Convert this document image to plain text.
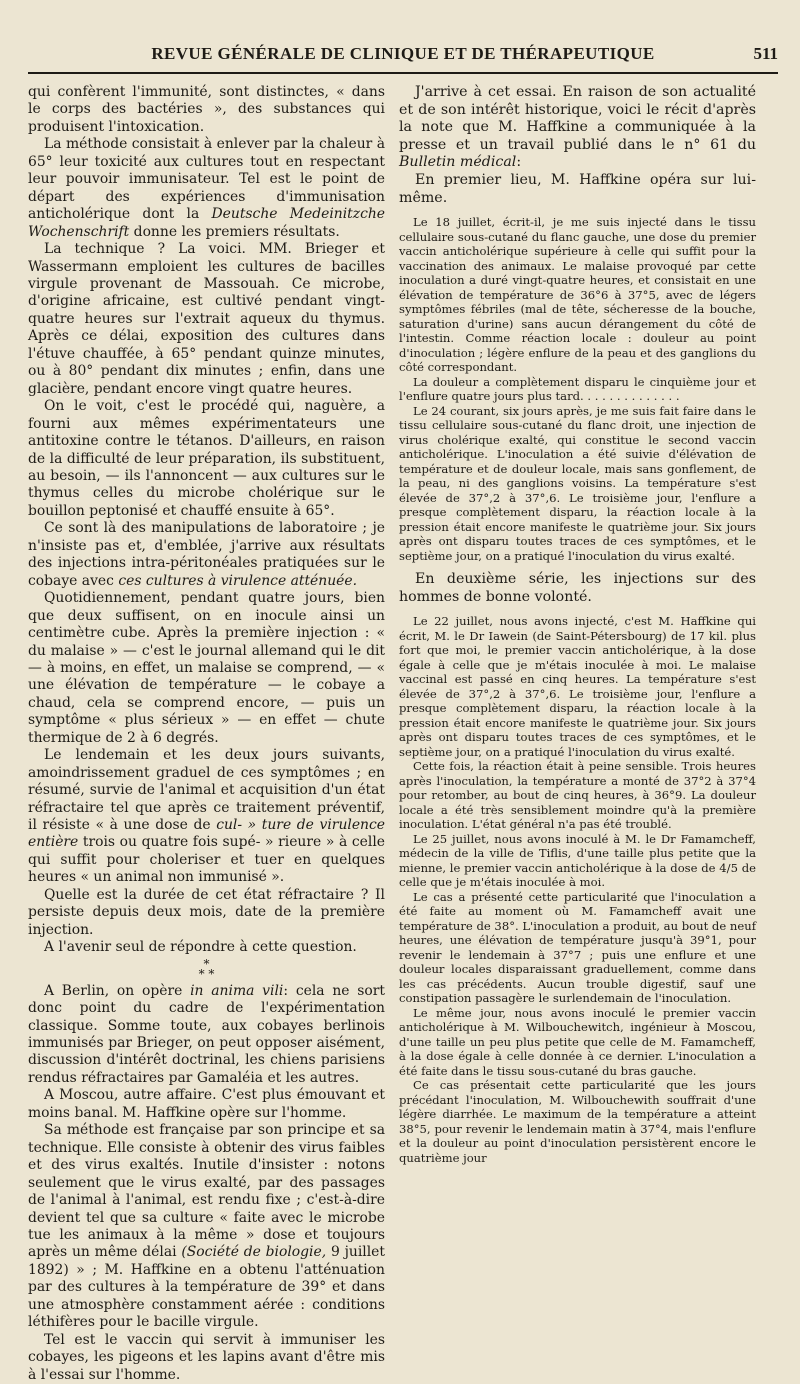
REVUE GÉNÉRALE DE CLINIQUE ET DE THÉRAPEUTIQUE	511

qui confèrent l'immunité, sont distinctes, « dans le corps des bactéries », des substances qui produisent l'intoxication.

La méthode consistait à enlever par la chaleur à 65° leur toxicité aux cultures tout en respectant leur pouvoir immunisateur. Tel est le point de départ des expériences d'immunisation anticholérique dont la Deutsche Medeinitzche Wochenschrift donne les premiers résultats.

La technique ? La voici. MM. Brieger et Wassermann emploient les cultures de bacilles virgule provenant de Massouah. Ce microbe, d'origine africaine, est cultivé pendant vingt-quatre heures sur l'extrait aqueux du thymus. Après ce délai, exposition des cultures dans l'étuve chauffée, à 65° pendant quinze minutes, ou à 80° pendant dix minutes ; enfin, dans une glacière, pendant encore vingt quatre heures.

On le voit, c'est le procédé qui, naguère, a fourni aux mêmes expérimentateurs une antitoxine contre le tétanos. D'ailleurs, en raison de la difficulté de leur préparation, ils substituent, au besoin, — ils l'annoncent — aux cultures sur le thymus celles du microbe cholérique sur le bouillon peptonisé et chauffé ensuite à 65°.

Ce sont là des manipulations de laboratoire ; je n'insiste pas et, d'emblée, j'arrive aux résultats des injections intra-péritonéales pratiquées sur le cobaye avec ces cultures à virulence atténuée.

Quotidiennement, pendant quatre jours, bien que deux suffisent, on en inocule ainsi un centimètre cube. Après la première injection : « du malaise » — c'est le journal allemand qui le dit — à moins, en effet, un malaise se comprend, — « une élévation de température — le cobaye a chaud, cela se comprend encore, — puis un symptôme « plus sérieux » — en effet — chute thermique de 2 à 6 degrés.

Le lendemain et les deux jours suivants, amoindrissement graduel de ces symptômes ; en résumé, survie de l'animal et acquisition d'un état réfractaire tel que après ce traitement préventif, il résiste « à une dose de cul- » ture de virulence entière trois ou quatre fois supé- » rieure » à celle qui suffit pour choleriser et tuer en quelques heures « un animal non immunisé ».

Quelle est la durée de cet état réfractaire ? Il persiste depuis deux mois, date de la première injection.

A l'avenir seul de répondre à cette question.

*
* *

A Berlin, on opère in anima vili: cela ne sort donc point du cadre de l'expérimentation classique. Somme toute, aux cobayes berlinois immunisés par Brieger, on peut opposer aisément, discussion d'intérêt doctrinal, les chiens parisiens rendus réfractaires par Gamaléia et les autres.

A Moscou, autre affaire. C'est plus émouvant et moins banal. M. Haffkine opère sur l'homme.

Sa méthode est française par son principe et sa technique. Elle consiste à obtenir des virus faibles et des virus exaltés. Inutile d'insister : notons seulement que le virus exalté, par des passages de l'animal à l'animal, est rendu fixe ; c'est-à-dire devient tel que sa culture « faite avec le microbe tue les animaux à la même » dose et toujours après un même délai (Société de biologie, 9 juillet 1892) » ; M. Haffkine en a obtenu l'atténuation par des cultures à la température de 39° et dans une atmosphère constamment aérée : conditions léthifères pour le bacille virgule.

Tel est le vaccin qui servit à immuniser les cobayes, les pigeons et les lapins avant d'être mis à l'essai sur l'homme.

J'arrive à cet essai. En raison de son actualité et de son intérêt historique, voici le récit d'après la note que M. Haffkine a communiquée à la presse et un travail publié dans le n° 61 du Bulletin médical:

En premier lieu, M. Haffkine opéra sur lui-même.

Le 18 juillet, écrit-il, je me suis injecté dans le tissu cellulaire sous-cutané du flanc gauche, une dose du premier vaccin anticholérique supérieure à celle qui suffit pour la vaccination des animaux. Le malaise provoqué par cette inoculation a duré vingt-quatre heures, et consistait en une élévation de température de 36°6 à 37°5, avec de légers symptômes fébriles (mal de tête, sécheresse de la bouche, saturation d'urine) sans aucun dérangement du côté de l'intestin. Comme réaction locale : douleur au point d'inoculation ; légère enflure de la peau et des ganglions du côté correspondant.

La douleur a complètement disparu le cinquième jour et l'enflure quatre jours plus tard. . . . . . . . . . . . . .

Le 24 courant, six jours après, je me suis fait faire dans le tissu cellulaire sous-cutané du flanc droit, une injection de virus cholérique exalté, qui constitue le second vaccin anticholérique. L'inoculation a été suivie d'élévation de température et de douleur locale, mais sans gonflement, de la peau, ni des ganglions voisins. La température s'est élevée de 37°,2 à 37°,6. Le troisième jour, l'enflure a presque complètement disparu, la réaction locale à la pression était encore manifeste le quatrième jour. Six jours après ont disparu toutes traces de ces symptômes, et le septième jour, on a pratiqué l'inoculation du virus exalté.

En deuxième série, les injections sur des hommes de bonne volonté.

Le 22 juillet, nous avons injecté, c'est M. Haffkine qui écrit, M. le Dr Iawein (de Saint-Pétersbourg) de 17 kil. plus fort que moi, le premier vaccin anticholérique, à la dose égale à celle que je m'étais inoculée à moi. Le malaise vaccinal est passé en cinq heures. La température s'est élevée de 37°,2 à 37°,6. Le troisième jour, l'enflure a presque complètement disparu, la réaction locale à la pression était encore manifeste le quatrième jour. Six jours après ont disparu toutes traces de ces symptômes, et le septième jour, on a pratiqué l'inoculation du virus exalté.

Cette fois, la réaction était à peine sensible. Trois heures après l'inoculation, la température a monté de 37°2 à 37°4 pour retomber, au bout de cinq heures, à 36°9. La douleur locale a été très sensiblement moindre qu'à la première inoculation. L'état général n'a pas été troublé.

Le 25 juillet, nous avons inoculé à M. le Dr Famamcheff, médecin de la ville de Tiflis, d'une taille plus petite que la mienne, le premier vaccin anticholérique à la dose de 4/5 de celle que je m'étais inoculée à moi.

Le cas a présenté cette particularité que l'inoculation a été faite au moment où M. Famamcheff avait une température de 38°. L'inoculation a produit, au bout de neuf heures, une élévation de température jusqu'à 39°1, pour revenir le lendemain à 37°7 ; puis une enflure et une douleur locales disparaissant graduellement, comme dans les cas précédents. Aucun trouble digestif, sauf une constipation passagère le surlendemain de l'inoculation.

Le même jour, nous avons inoculé le premier vaccin anticholérique à M. Wilbouchewitch, ingénieur à Moscou, d'une taille un peu plus petite que celle de M. Famamcheff, à la dose égale à celle donnée à ce dernier. L'inoculation a été faite dans le tissu sous-cutané du bras gauche.

Ce cas présentait cette particularité que les jours précédant l'inoculation, M. Wilbouchewith souffrait d'une légère diarrhée. Le maximum de la température a atteint 38°5, pour revenir le lendemain matin à 37°4, mais l'enflure et la douleur au point d'inoculation persistèrent encore le quatrième jour
